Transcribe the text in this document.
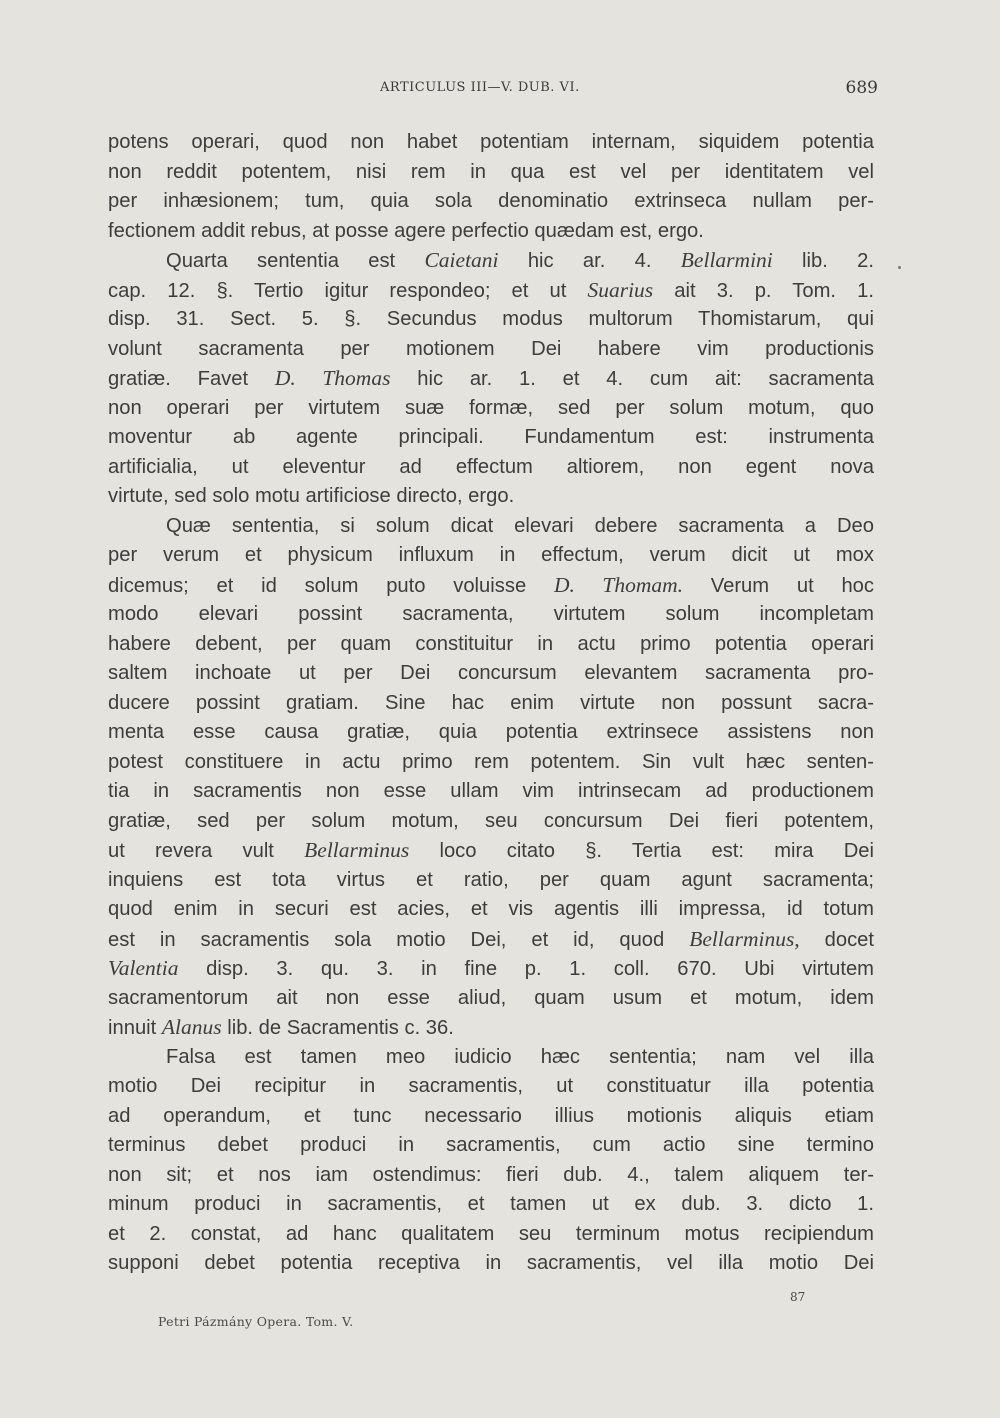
ARTICULUS III—V. DUB. VI.	689
potens operari, quod non habet potentiam internam, siquidem potentia
non reddit potentem, nisi rem in qua est vel per identitatem vel
per inhæsionem; tum, quia sola denominatio extrinseca nullam per-
fectionem addit rebus, at posse agere perfectio quædam est, ergo.
Quarta sententia est Caietani hic ar. 4. Bellarmini lib. 2.
cap. 12. §. Tertio igitur respondeo; et ut Suarius ait 3. p. Tom. 1.
disp. 31. Sect. 5. §. Secundus modus multorum Thomistarum, qui
volunt sacramenta per motionem Dei habere vim productionis
gratiæ. Favet D. Thomas hic ar. 1. et 4. cum ait: sacramenta
non operari per virtutem suæ formæ, sed per solum motum, quo
moventur ab agente principali. Fundamentum est: instrumenta
artificialia, ut eleventur ad effectum altiorem, non egent nova
virtute, sed solo motu artificiose directo, ergo.
Quæ sententia, si solum dicat elevari debere sacramenta a Deo
per verum et physicum influxum in effectum, verum dicit ut mox
dicemus; et id solum puto voluisse D. Thomam. Verum ut hoc
modo elevari possint sacramenta, virtutem solum incompletam
habere debent, per quam constituitur in actu primo potentia operari
saltem inchoate ut per Dei concursum elevantem sacramenta pro-
ducere possint gratiam. Sine hac enim virtute non possunt sacra-
menta esse causa gratiæ, quia potentia extrinsece assistens non
potest constituere in actu primo rem potentem. Sin vult hæc senten-
tia in sacramentis non esse ullam vim intrinsecam ad productionem
gratiæ, sed per solum motum, seu concursum Dei fieri potentem,
ut revera vult Bellarminus loco citato §. Tertia est: mira Dei
inquiens est tota virtus et ratio, per quam agunt sacramenta;
quod enim in securi est acies, et vis agentis illi impressa, id totum
est in sacramentis sola motio Dei, et id, quod Bellarminus, docet
Valentia disp. 3. qu. 3. in fine p. 1. coll. 670. Ubi virtutem
sacramentorum ait non esse aliud, quam usum et motum, idem
innuit Alanus lib. de Sacramentis c. 36.
Falsa est tamen meo iudicio hæc sententia; nam vel illa
motio Dei recipitur in sacramentis, ut constituatur illa potentia
ad operandum, et tunc necessario illius motionis aliquis etiam
terminus debet produci in sacramentis, cum actio sine termino
non sit; et nos iam ostendimus: fieri dub. 4., talem aliquem ter-
minum produci in sacramentis, et tamen ut ex dub. 3. dicto 1.
et 2. constat, ad hanc qualitatem seu terminum motus recipiendum
supponi debet potentia receptiva in sacramentis, vel illa motio Dei
87
Petri Pázmány Opera. Tom. V.
